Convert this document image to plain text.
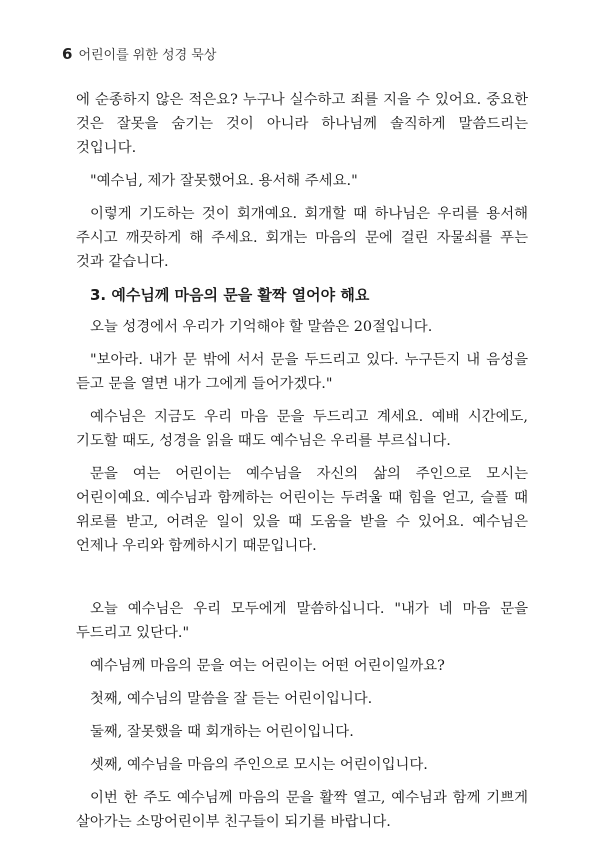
6 어린이를 위한 성경 묵상

에 순종하지 않은 적은요? 누구나 실수하고 죄를 지을 수 있어요. 중요한 것은 잘못을 숨기는 것이 아니라 하나님께 솔직하게 말씀드리는 것입니다.

"예수님, 제가 잘못했어요. 용서해 주세요."

이렇게 기도하는 것이 회개예요. 회개할 때 하나님은 우리를 용서해 주시고 깨끗하게 해 주세요. 회개는 마음의 문에 걸린 자물쇠를 푸는 것과 같습니다.

3. 예수님께 마음의 문을 활짝 열어야 해요

오늘 성경에서 우리가 기억해야 할 말씀은 20절입니다.

"보아라. 내가 문 밖에 서서 문을 두드리고 있다. 누구든지 내 음성을 듣고 문을 열면 내가 그에게 들어가겠다."

예수님은 지금도 우리 마음 문을 두드리고 계세요. 예배 시간에도, 기도할 때도, 성경을 읽을 때도 예수님은 우리를 부르십니다.

문을 여는 어린이는 예수님을 자신의 삶의 주인으로 모시는 어린이예요. 예수님과 함께하는 어린이는 두려울 때 힘을 얻고, 슬플 때 위로를 받고, 어려운 일이 있을 때 도움을 받을 수 있어요. 예수님은 언제나 우리와 함께하시기 때문입니다.

오늘 예수님은 우리 모두에게 말씀하십니다. "내가 네 마음 문을 두드리고 있단다."

예수님께 마음의 문을 여는 어린이는 어떤 어린이일까요?

첫째, 예수님의 말씀을 잘 듣는 어린이입니다.

둘째, 잘못했을 때 회개하는 어린이입니다.

셋째, 예수님을 마음의 주인으로 모시는 어린이입니다.

이번 한 주도 예수님께 마음의 문을 활짝 열고, 예수님과 함께 기쁘게 살아가는 소망어린이부 친구들이 되기를 바랍니다.
